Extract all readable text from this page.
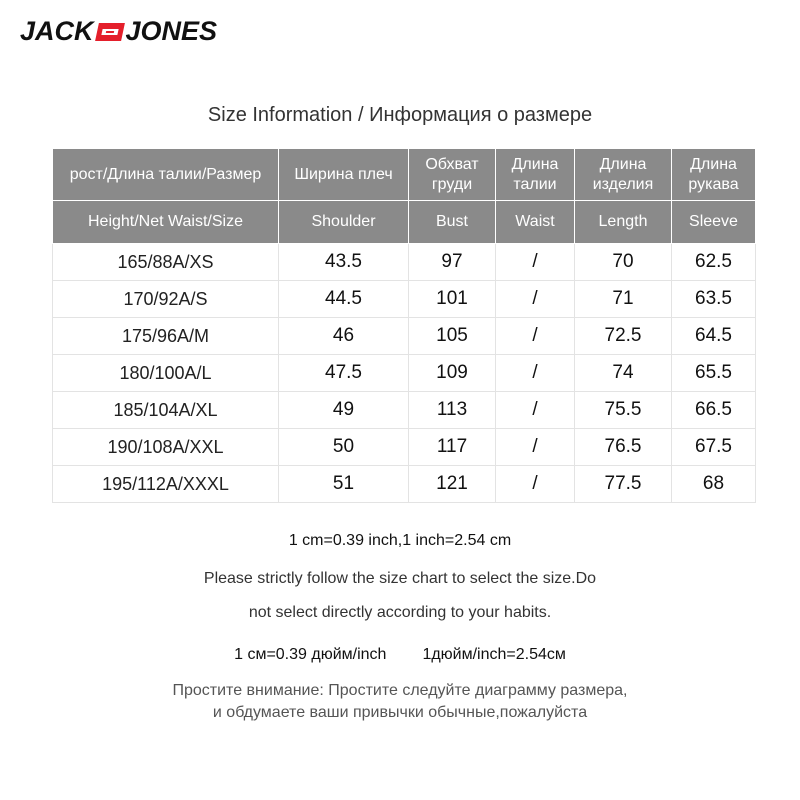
JACK JONES
Size Information / Информация о размере
рост/Длина талии/Размер	Ширина плеч	Обхват груди	Длина талии	Длина изделия	Длина рукава
Height/Net Waist/Size	Shoulder	Bust	Waist	Length	Sleeve
165/88A/XS	43.5	97	/	70	62.5
170/92A/S	44.5	101	/	71	63.5
175/96A/M	46	105	/	72.5	64.5
180/100A/L	47.5	109	/	74	65.5
185/104A/XL	49	113	/	75.5	66.5
190/108A/XXL	50	117	/	76.5	67.5
195/112A/XXXL	51	121	/	77.5	68
1 cm=0.39 inch,1 inch=2.54 cm
Please strictly follow the size chart to select the size.Do
not select directly according to your habits.
1 см=0.39 дюйм/inch 1дюйм/inch=2.54см
Простите внимание: Простите следуйте диаграмму размера,
и обдумаете ваши привычки обычные,пожалуйста
